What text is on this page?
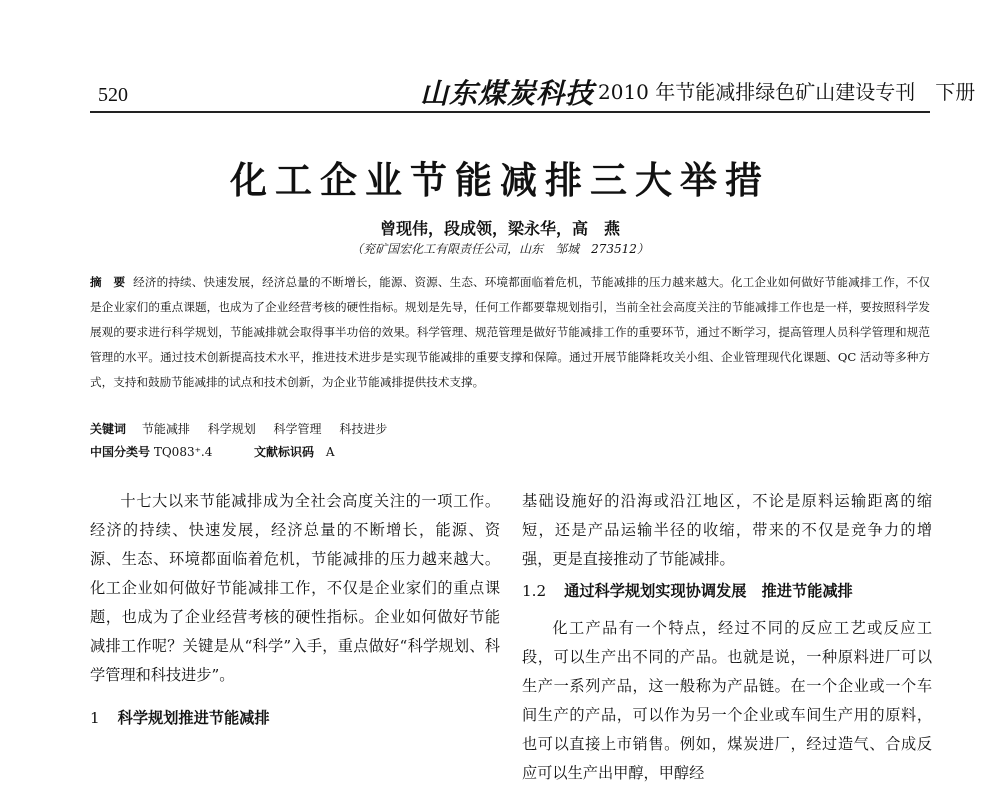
520	山东煤炭科技 2010 年节能减排绿色矿山建设专刊　下册
化工企业节能减排三大举措
曾现伟，段成领，梁永华，高　燕
（兖矿国宏化工有限责任公司，山东　邹城　273512）
摘　要 经济的持续、快速发展，经济总量的不断增长，能源、资源、生态、环境都面临着危机，节能减排的压力越来越大。化工企业如何做好节能减排工作，不仅是企业家们的重点课题，也成为了企业经营考核的硬性指标。规划是先导，任何工作都要靠规划指引，当前全社会高度关注的节能减排工作也是一样，要按照科学发展观的要求进行科学规划，节能减排就会取得事半功倍的效果。科学管理、规范管理是做好节能减排工作的重要环节，通过不断学习，提高管理人员科学管理和规范管理的水平。通过技术创新提高技术水平，推进技术进步是实现节能减排的重要支撑和保障。通过开展节能降耗攻关小组、企业管理现代化课题、QC 活动等多种方式，支持和鼓励节能减排的试点和技术创新，为企业节能减排提供技术支撑。
关键词 节能减排 科学规划 科学管理 科技进步
中国分类号 TQ083⁺.4	文献标识码 A

十七大以来节能减排成为全社会高度关注的一项工作。经济的持续、快速发展，经济总量的不断增长，能源、资源、生态、环境都面临着危机，节能减排的压力越来越大。化工企业如何做好节能减排工作，不仅是企业家们的重点课题，也成为了企业经营考核的硬性指标。企业如何做好节能减排工作呢？关键是从“科学”入手，重点做好“科学规划、科学管理和科技进步”。

1 科学规划推进节能减排

基础设施好的沿海或沿江地区，不论是原料运输距离的缩短，还是产品运输半径的收缩，带来的不仅是竞争力的增强，更是直接推动了节能减排。

1.2 通过科学规划实现协调发展　推进节能减排

化工产品有一个特点，经过不同的反应工艺或反应工段，可以生产出不同的产品。也就是说，一种原料进厂可以生产一系列产品，这一般称为产品链。在一个企业或一个车间生产的产品，可以作为另一个企业或车间生产用的原料，也可以直接上市销售。例如，煤炭进厂，经过造气、合成反应可以生产出甲醇，甲醇经
